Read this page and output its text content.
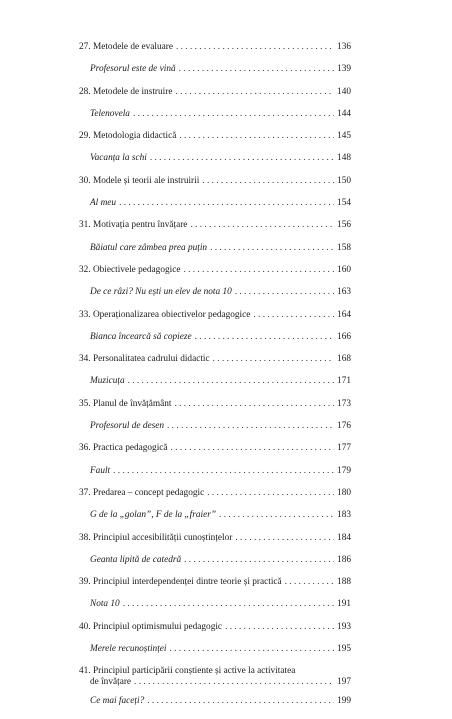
27. Metodele de evaluare . . .	136
Profesorul este de vină . . .	139
28. Metodele de instruire . . .	140
Telenovela . . .	144
29. Metodologia didactică . . .	145
Vacanța la schi . . .	148
30. Modele și teorii ale instruirii . . .	150
Al meu . . .	154
31. Motivația pentru învățare . . .	156
Băiatul care zâmbea prea puțin . . .	158
32. Obiectivele pedagogice . . .	160
De ce râzi? Nu ești un elev de nota 10 . . .	163
33. Operaționalizarea obiectivelor pedagogice . . .	164
Bianca încearcă să copieze . . .	166
34. Personalitatea cadrului didactic . . .	168
Muzicuța . . .	171
35. Planul de învățământ . . .	173
Profesorul de desen . . .	176
36. Practica pedagogică . . .	177
Fault . . .	179
37. Predarea – concept pedagogic . . .	180
G de la „golan”, F de la „fraier” . . .	183
38. Principiul accesibilității cunoștințelor . . .	184
Geanta lipită de catedră . . .	186
39. Principiul interdependenței dintre teorie și practică . . .	188
Nota 10 . . .	191
40. Principiul optimismului pedagogic . . .	193
Merele recunoștinței . . .	195
41. Principiul participării conștiente și active la activitatea
de învățare . . .	197
Ce mai faceți? . . .	199
